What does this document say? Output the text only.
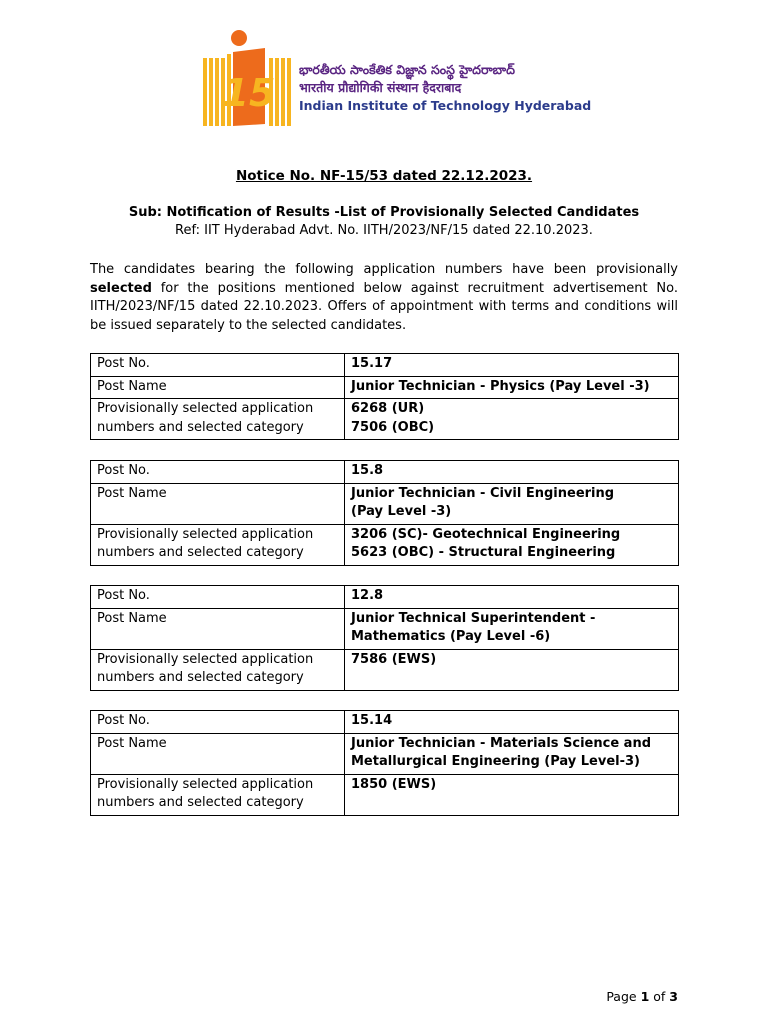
15
భారతీయ సాంకేతిక విజ్ఞాన సంస్థ హైదరాబాద్
भारतीय प्रौद्योगिकी संस्थान हैदराबाद
Indian Institute of Technology Hyderabad
Notice No. NF-15/53 dated 22.12.2023.
Sub: Notification of Results -List of Provisionally Selected Candidates
Ref: IIT Hyderabad Advt. No. IITH/2023/NF/15 dated 22.10.2023.
The candidates bearing the following application numbers have been provisionally selected for the positions mentioned below against recruitment advertisement No. IITH/2023/NF/15 dated 22.10.2023. Offers of appointment with terms and conditions will be issued separately to the selected candidates.
Post No.	15.17
Post Name	Junior Technician - Physics (Pay Level -3)

Provisionally selected application
numbers and selected category	6268 (UR)
7506 (OBC)
Post No.	15.8
Post Name	Junior Technician - Civil Engineering
(Pay Level -3)

Provisionally selected application
numbers and selected category	3206 (SC)- Geotechnical Engineering
5623 (OBC) - Structural Engineering
Post No.	12.8
Post Name	Junior Technical Superintendent -
Mathematics (Pay Level -6)

Provisionally selected application
numbers and selected category	7586 (EWS)
Post No.	15.14
Post Name	Junior Technician - Materials Science and
Metallurgical Engineering (Pay Level-3)

Provisionally selected application
numbers and selected category	1850 (EWS)
Page 1 of 3
